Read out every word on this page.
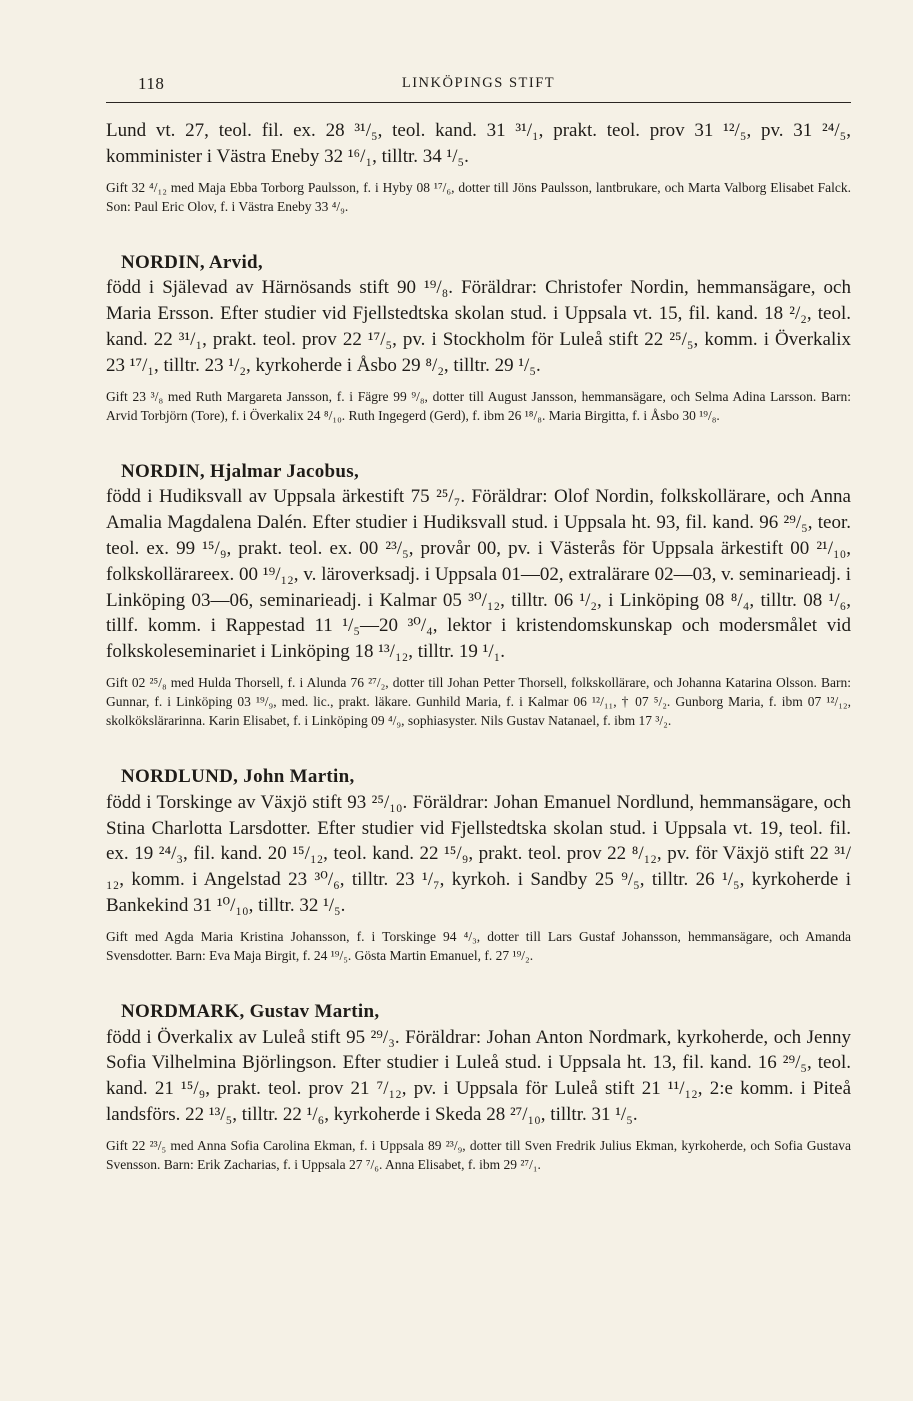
118	LINKÖPINGS STIFT

Lund vt. 27, teol. fil. ex. 28 ³¹/₅, teol. kand. 31 ³¹/₁, prakt. teol. prov 31 ¹²/₅, pv. 31 ²⁴/₅, komminister i Västra Eneby 32 ¹⁶/₁, tilltr. 34 ¹/₅.

Gift 32 ⁴/₁₂ med Maja Ebba Torborg Paulsson, f. i Hyby 08 ¹⁷/₆, dotter till Jöns Paulsson, lantbrukare, och Marta Valborg Elisabet Falck. Son: Paul Eric Olov, f. i Västra Eneby 33 ⁴/₉.

NORDIN, Arvid,

född i Själevad av Härnösands stift 90 ¹⁹/₈. Föräldrar: Christofer Nordin, hemmansägare, och Maria Ersson. Efter studier vid Fjellstedtska skolan stud. i Uppsala vt. 15, fil. kand. 18 ²/₂, teol. kand. 22 ³¹/₁, prakt. teol. prov 22 ¹⁷/₅, pv. i Stockholm för Luleå stift 22 ²⁵/₅, komm. i Överkalix 23 ¹⁷/₁, tilltr. 23 ¹/₂, kyrkoherde i Åsbo 29 ⁸/₂, tilltr. 29 ¹/₅.

Gift 23 ³/₈ med Ruth Margareta Jansson, f. i Fägre 99 ⁹/₈, dotter till August Jansson, hemmansägare, och Selma Adina Larsson. Barn: Arvid Torbjörn (Tore), f. i Överkalix 24 ⁸/₁₀. Ruth Ingegerd (Gerd), f. ibm 26 ¹⁸/₈. Maria Birgitta, f. i Åsbo 30 ¹⁹/₈.

NORDIN, Hjalmar Jacobus,

född i Hudiksvall av Uppsala ärkestift 75 ²⁵/₇. Föräldrar: Olof Nordin, folkskollärare, och Anna Amalia Magdalena Dalén. Efter studier i Hudiksvall stud. i Uppsala ht. 93, fil. kand. 96 ²⁹/₅, teor. teol. ex. 99 ¹⁵/₉, prakt. teol. ex. 00 ²³/₅, provår 00, pv. i Västerås för Uppsala ärkestift 00 ²¹/₁₀, folkskollärareex. 00 ¹⁹/₁₂, v. läroverksadj. i Uppsala 01—02, extralärare 02—03, v. seminarieadj. i Linköping 03—06, seminarieadj. i Kalmar 05 ³⁰/₁₂, tilltr. 06 ¹/₂, i Linköping 08 ⁸/₄, tilltr. 08 ¹/₆, tillf. komm. i Rappestad 11 ¹/₅—20 ³⁰/₄, lektor i kristendomskunskap och modersmålet vid folkskoleseminariet i Linköping 18 ¹³/₁₂, tilltr. 19 ¹/₁.

Gift 02 ²⁵/₈ med Hulda Thorsell, f. i Alunda 76 ²⁷/₂, dotter till Johan Petter Thorsell, folkskollärare, och Johanna Katarina Olsson. Barn: Gunnar, f. i Linköping 03 ¹⁹/₉, med. lic., prakt. läkare. Gunhild Maria, f. i Kalmar 06 ¹²/₁₁, † 07 ⁵/₂. Gunborg Maria, f. ibm 07 ¹²/₁₂, skolkökslärarinna. Karin Elisabet, f. i Linköping 09 ⁴/₉, sophiasyster. Nils Gustav Natanael, f. ibm 17 ³/₂.

NORDLUND, John Martin,

född i Torskinge av Växjö stift 93 ²⁵/₁₀. Föräldrar: Johan Emanuel Nordlund, hemmansägare, och Stina Charlotta Larsdotter. Efter studier vid Fjellstedtska skolan stud. i Uppsala vt. 19, teol. fil. ex. 19 ²⁴/₃, fil. kand. 20 ¹⁵/₁₂, teol. kand. 22 ¹⁵/₉, prakt. teol. prov 22 ⁸/₁₂, pv. för Växjö stift 22 ³¹/₁₂, komm. i Angelstad 23 ³⁰/₆, tilltr. 23 ¹/₇, kyrkoh. i Sandby 25 ⁹/₅, tilltr. 26 ¹/₅, kyrkoherde i Bankekind 31 ¹⁰/₁₀, tilltr. 32 ¹/₅.

Gift med Agda Maria Kristina Johansson, f. i Torskinge 94 ⁴/₃, dotter till Lars Gustaf Johansson, hemmansägare, och Amanda Svensdotter. Barn: Eva Maja Birgit, f. 24 ¹⁹/₅. Gösta Martin Emanuel, f. 27 ¹⁹/₂.

NORDMARK, Gustav Martin,

född i Överkalix av Luleå stift 95 ²⁹/₃. Föräldrar: Johan Anton Nordmark, kyrkoherde, och Jenny Sofia Vilhelmina Björlingson. Efter studier i Luleå stud. i Uppsala ht. 13, fil. kand. 16 ²⁹/₅, teol. kand. 21 ¹⁵/₉, prakt. teol. prov 21 ⁷/₁₂, pv. i Uppsala för Luleå stift 21 ¹¹/₁₂, 2:e komm. i Piteå landsförs. 22 ¹³/₅, tilltr. 22 ¹/₆, kyrkoherde i Skeda 28 ²⁷/₁₀, tilltr. 31 ¹/₅.

Gift 22 ²³/₅ med Anna Sofia Carolina Ekman, f. i Uppsala 89 ²³/₉, dotter till Sven Fredrik Julius Ekman, kyrkoherde, och Sofia Gustava Svensson. Barn: Erik Zacharias, f. i Uppsala 27 ⁷/₆. Anna Elisabet, f. ibm 29 ²⁷/₁.
